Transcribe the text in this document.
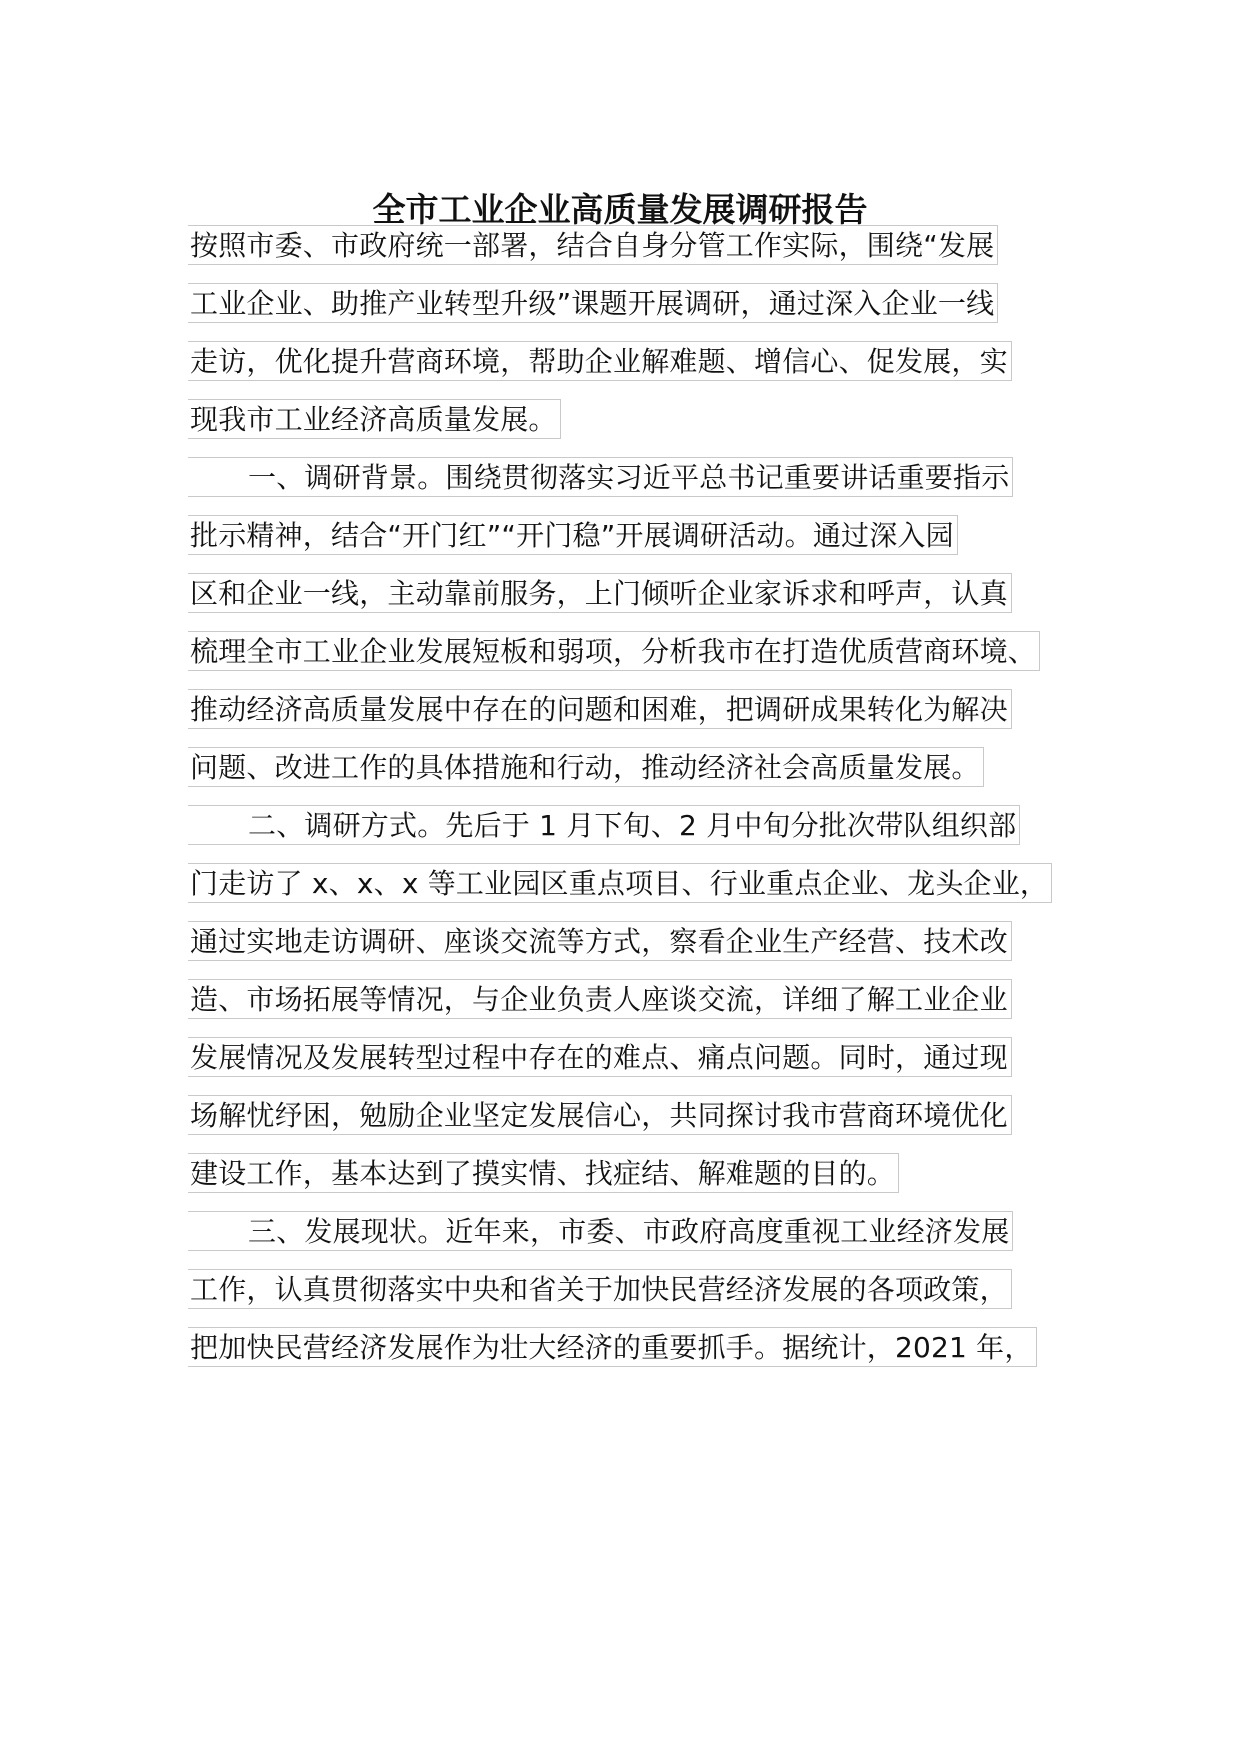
全市工业企业高质量发展调研报告
按照市委、市政府统一部署，结合自身分管工作实际，围绕“发展
工业企业、助推产业转型升级”课题开展调研，通过深入企业一线
走访，优化提升营商环境，帮助企业解难题、增信心、促发展，实
现我市工业经济高质量发展。
一、调研背景。围绕贯彻落实习近平总书记重要讲话重要指示
批示精神，结合“开门红”“开门稳”开展调研活动。通过深入园
区和企业一线，主动靠前服务，上门倾听企业家诉求和呼声，认真
梳理全市工业企业发展短板和弱项，分析我市在打造优质营商环境、
推动经济高质量发展中存在的问题和困难，把调研成果转化为解决
问题、改进工作的具体措施和行动，推动经济社会高质量发展。
二、调研方式。先后于 1 月下旬、2 月中旬分批次带队组织部
门走访了 x、x、x 等工业园区重点项目、行业重点企业、龙头企业，
通过实地走访调研、座谈交流等方式，察看企业生产经营、技术改
造、市场拓展等情况，与企业负责人座谈交流，详细了解工业企业
发展情况及发展转型过程中存在的难点、痛点问题。同时，通过现
场解忧纾困，勉励企业坚定发展信心，共同探讨我市营商环境优化
建设工作，基本达到了摸实情、找症结、解难题的目的。
三、发展现状。近年来，市委、市政府高度重视工业经济发展
工作，认真贯彻落实中央和省关于加快民营经济发展的各项政策，
把加快民营经济发展作为壮大经济的重要抓手。据统计，2021 年，
